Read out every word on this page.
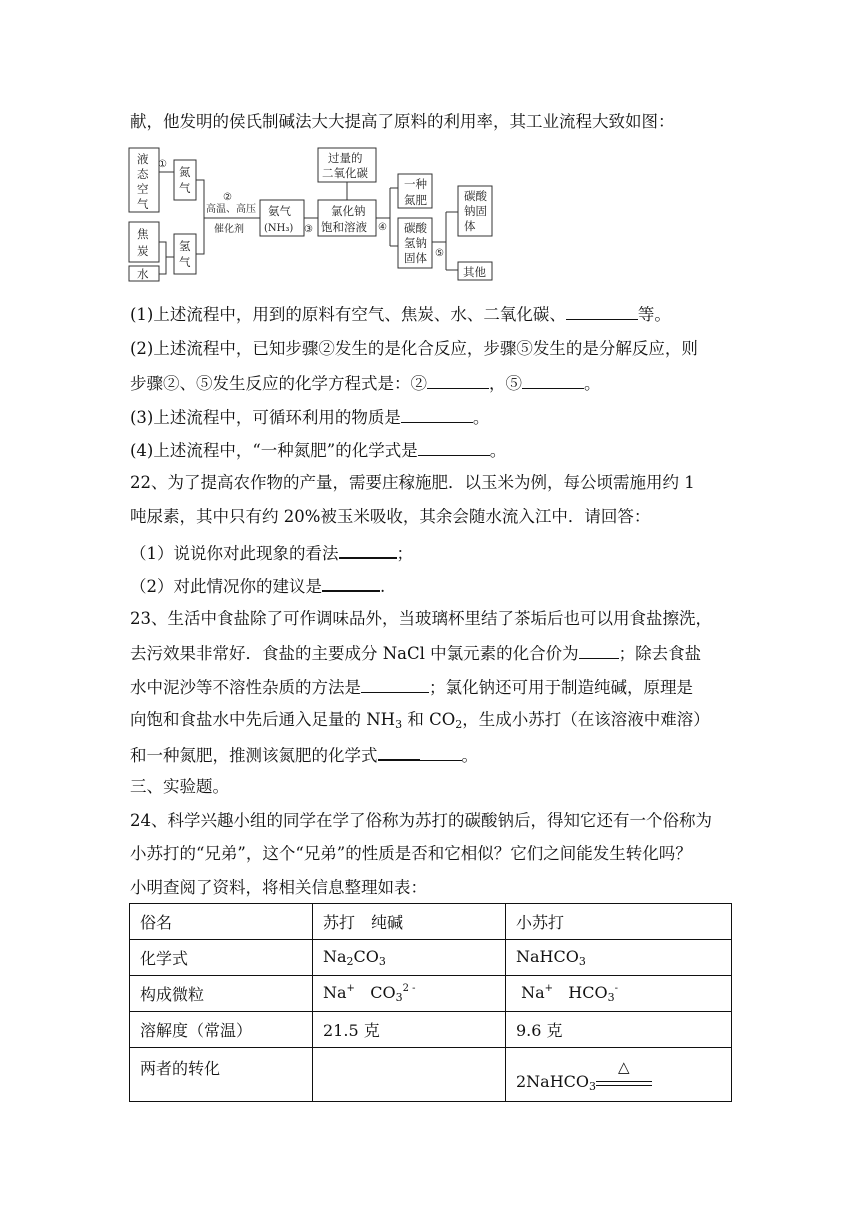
献，他发明的侯氏制碱法大大提高了原料的利用率，其工业流程大致如图：
液
态
空
气
①
氮
气
焦
炭
水
氢
气
②
高温、高压
催化剂
氨气
(NH₃) ③
过量的
二氧化碳
氯化钠
饱和溶液 ④
一种
氮肥
碳酸
氢钠
固体 ⑤
碳酸
钠固
体
其他
(1)上述流程中，用到的原料有空气、焦炭、水、二氧化碳、	等。
(2)上述流程中，已知步骤②发生的是化合反应，步骤⑤发生的是分解反应，则
步骤②、⑤发生反应的化学方程式是：②	，⑤	。
(3)上述流程中，可循环利用的物质是	。
(4)上述流程中，“一种氮肥”的化学式是	。
22、为了提高农作物的产量，需要庄稼施肥．以玉米为例，每公顷需施用约 1
吨尿素，其中只有约 20%被玉米吸收，其余会随水流入江中．请回答：
（1）说说你对此现象的看法	；
（2）对此情况你的建议是	.
23、生活中食盐除了可作调味品外，当玻璃杯里结了茶垢后也可以用食盐擦洗，
去污效果非常好．食盐的主要成分 NaCl 中氯元素的化合价为 ；除去食盐
水中泥沙等不溶性杂质的方法是	；氯化钠还可用于制造纯碱，原理是
向饱和食盐水中先后通入足量的 $NH_3$ 和 $CO_2$，生成小苏打（在该溶液中难溶）
和一种氮肥，推测该氮肥的化学式	。
三、实验题。
24、科学兴趣小组的同学在学了俗称为苏打的碳酸钠后，得知它还有一个俗称为
小苏打的“兄弟”，这个“兄弟”的性质是否和它相似？它们之间能发生转化吗？
小明查阅了资料，将相关信息整理如表：
俗名	苏打　纯碱	小苏打
化学式	$Na_2CO_3$	NaHCO$_3$
构成微粒	Na+ $CO_3^{2 -}$	Na+ $HCO_3^-$
溶解度（常温）	21.5 克	9.6 克
两者的转化		2NaHCO$_3$
△
